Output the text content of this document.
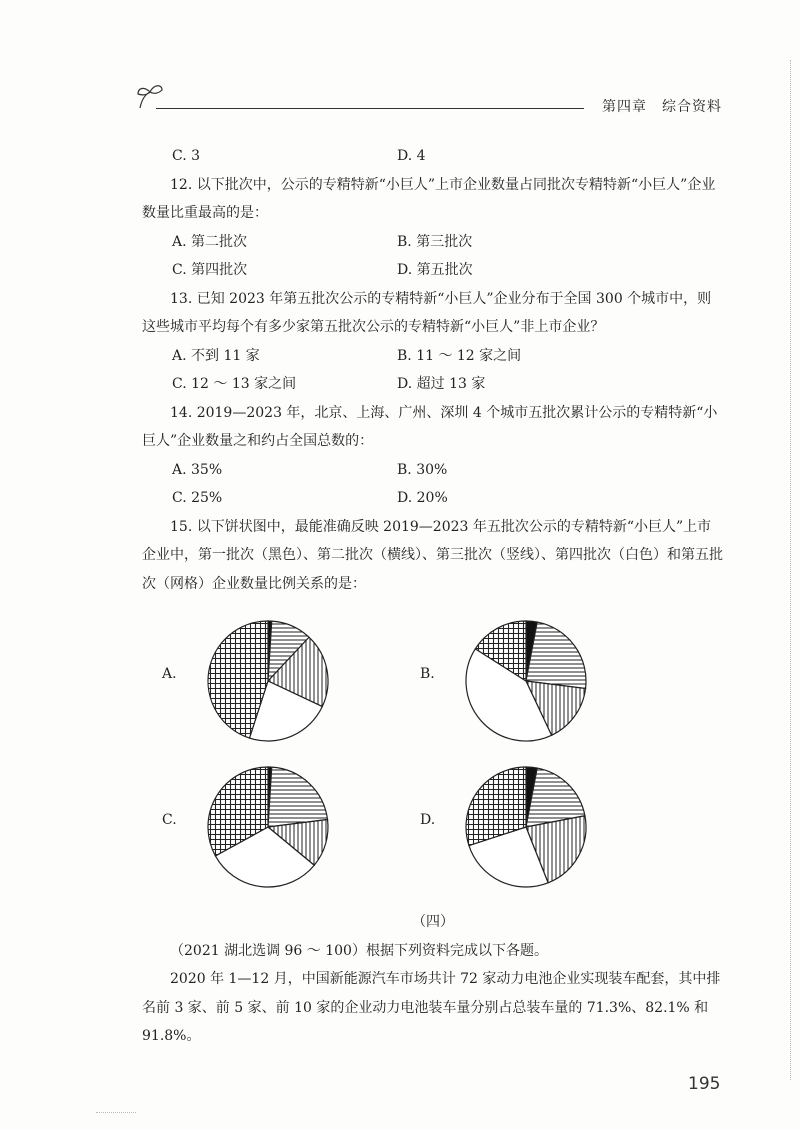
第四章　综合资料
C. 3	D. 4

12. 以下批次中，公示的专精特新“小巨人”上市企业数量占同批次专精特新“小巨人”企业数量比重最高的是：

A. 第二批次	B. 第三批次
C. 第四批次	D. 第五批次

13. 已知 2023 年第五批次公示的专精特新“小巨人”企业分布于全国 300 个城市中，则这些城市平均每个有多少家第五批次公示的专精特新“小巨人”非上市企业？

A. 不到 11 家	B. 11 ～ 12 家之间
C. 12 ～ 13 家之间	D. 超过 13 家

14. 2019—2023 年，北京、上海、广州、深圳 4 个城市五批次累计公示的专精特新“小巨人”企业数量之和约占全国总数的：

A. 35%	B. 30%
C. 25%	D. 20%

15. 以下饼状图中，最能准确反映 2019—2023 年五批次公示的专精特新“小巨人”上市企业中，第一批次（黑色）、第二批次（横线）、第三批次（竖线）、第四批次（白色）和第五批次（网格）企业数量比例关系的是：

A.	B.
C.	D.
（四）

（2021 湖北选调 96 ～ 100）根据下列资料完成以下各题。

2020 年 1—12 月，中国新能源汽车市场共计 72 家动力电池企业实现装车配套，其中排名前 3 家、前 5 家、前 10 家的企业动力电池装车量分别占总装车量的 71.3%、82.1% 和 91.8%。

195
